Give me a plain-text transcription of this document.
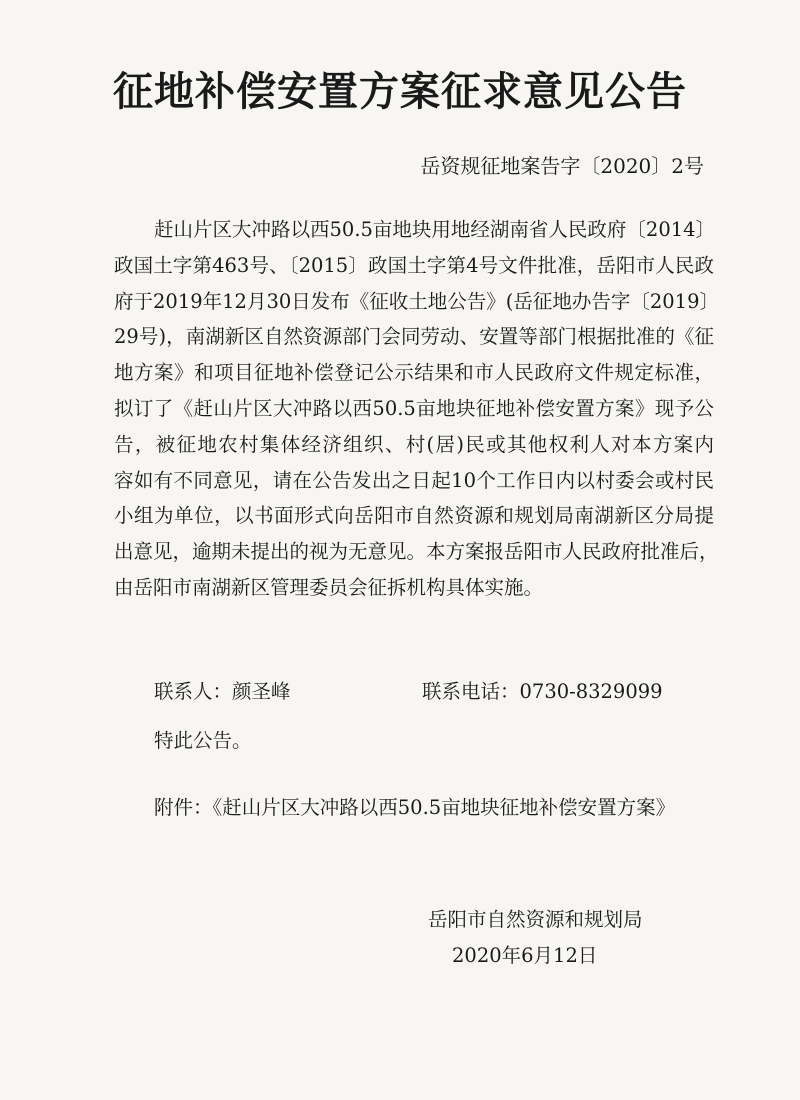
征地补偿安置方案征求意见公告

岳资规征地案告字〔2020〕2号

赶山片区大冲路以西50.5亩地块用地经湖南省人民政府〔2014〕
政国土字第463号、〔2015〕政国土字第4号文件批准，岳阳市人民政
府于2019年12月30日发布《征收土地公告》(岳征地办告字〔2019〕
29号)，南湖新区自然资源部门会同劳动、安置等部门根据批准的《征
地方案》和项目征地补偿登记公示结果和市人民政府文件规定标准，
拟订了《赶山片区大冲路以西50.5亩地块征地补偿安置方案》现予公
告，被征地农村集体经济组织、村(居)民或其他权利人对本方案内
容如有不同意见，请在公告发出之日起10个工作日内以村委会或村民
小组为单位，以书面形式向岳阳市自然资源和规划局南湖新区分局提
出意见，逾期未提出的视为无意见。本方案报岳阳市人民政府批准后，
由岳阳市南湖新区管理委员会征拆机构具体实施。
联系人：颜圣峰	联系电话：0730-8329099
特此公告。
附件：《赶山片区大冲路以西50.5亩地块征地补偿安置方案》
岳阳市自然资源和规划局
2020年6月12日
